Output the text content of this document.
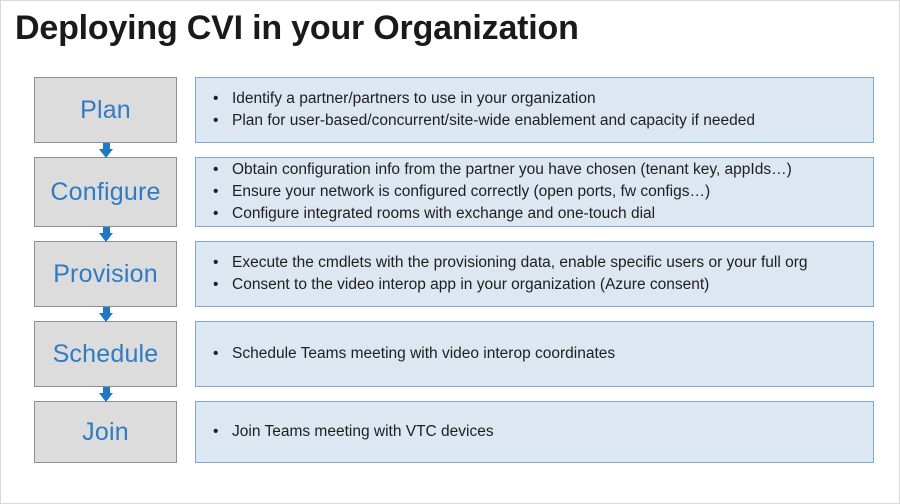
Deploying CVI in your Organization
Plan	• Identify a partner/partners to use in your organization
• Plan for user-based/concurrent/site-wide enablement and capacity if needed
Configure
• Obtain configuration info from the partner you have chosen (tenant key, appIds…)
• Ensure your network is configured correctly (open ports, fw configs…)
• Configure integrated rooms with exchange and one-touch dial
Provision	• Execute the cmdlets with the provisioning data, enable specific users or your full org
• Consent to the video interop app in your organization (Azure consent)
Schedule	• Schedule Teams meeting with video interop coordinates
Join	• Join Teams meeting with VTC devices
